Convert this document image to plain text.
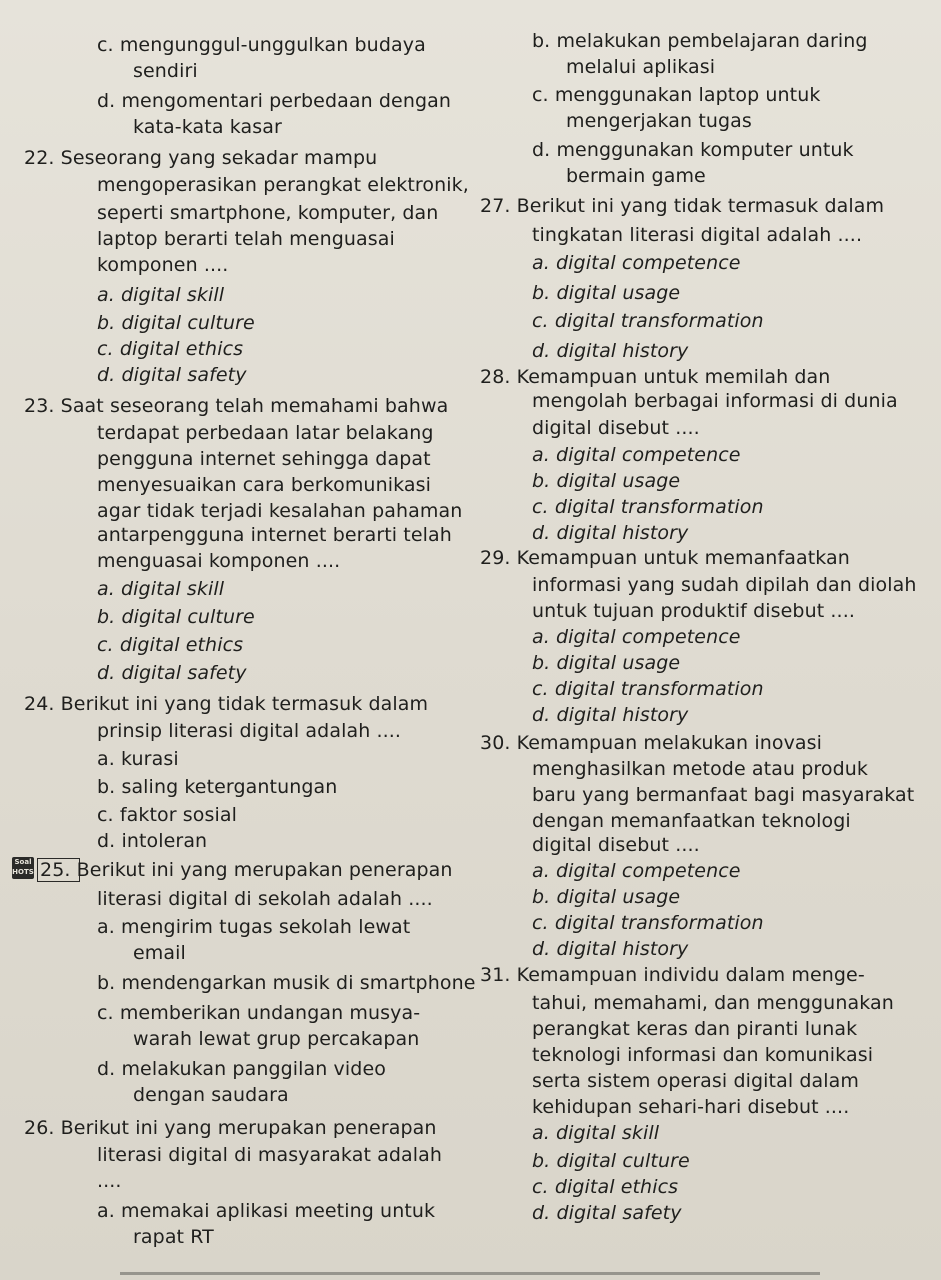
c. mengunggul-unggulkan budaya
sendiri
d. mengomentari perbedaan dengan
kata-kata kasar
22. Seseorang yang sekadar mampu
mengoperasikan perangkat elektronik,
seperti smartphone, komputer, dan
laptop berarti telah menguasai
komponen ....
a. digital skill
b. digital culture
c. digital ethics
d. digital safety
23. Saat seseorang telah memahami bahwa
terdapat perbedaan latar belakang
pengguna internet sehingga dapat
menyesuaikan cara berkomunikasi
agar tidak terjadi kesalahan pahaman
antarpengguna internet berarti telah
menguasai komponen ....
a. digital skill
b. digital culture
c. digital ethics
d. digital safety
24. Berikut ini yang tidak termasuk dalam
prinsip literasi digital adalah ....
a. kurasi
b. saling ketergantungan
c. faktor sosial
d. intoleran
Soal
HOTS 25. Berikut ini yang merupakan penerapan
literasi digital di sekolah adalah ....
a. mengirim tugas sekolah lewat
email
b. mendengarkan musik di smartphone
c. memberikan undangan musya-
warah lewat grup percakapan
d. melakukan panggilan video
dengan saudara
26. Berikut ini yang merupakan penerapan
literasi digital di masyarakat adalah
....
a. memakai aplikasi meeting untuk
rapat RT
b. melakukan pembelajaran daring
melalui aplikasi
c. menggunakan laptop untuk
mengerjakan tugas
d. menggunakan komputer untuk
bermain game
27. Berikut ini yang tidak termasuk dalam
tingkatan literasi digital adalah ....
a. digital competence
b. digital usage
c. digital transformation
d. digital history
28. Kemampuan untuk memilah dan
mengolah berbagai informasi di dunia
digital disebut ....
a. digital competence
b. digital usage
c. digital transformation
d. digital history
29. Kemampuan untuk memanfaatkan
informasi yang sudah dipilah dan diolah
untuk tujuan produktif disebut ....
a. digital competence
b. digital usage
c. digital transformation
d. digital history
30. Kemampuan melakukan inovasi
menghasilkan metode atau produk
baru yang bermanfaat bagi masyarakat
dengan memanfaatkan teknologi
digital disebut ....
a. digital competence
b. digital usage
c. digital transformation
d. digital history
31. Kemampuan individu dalam menge-
tahui, memahami, dan menggunakan
perangkat keras dan piranti lunak
teknologi informasi dan komunikasi
serta sistem operasi digital dalam
kehidupan sehari-hari disebut ....
a. digital skill
b. digital culture
c. digital ethics
d. digital safety
